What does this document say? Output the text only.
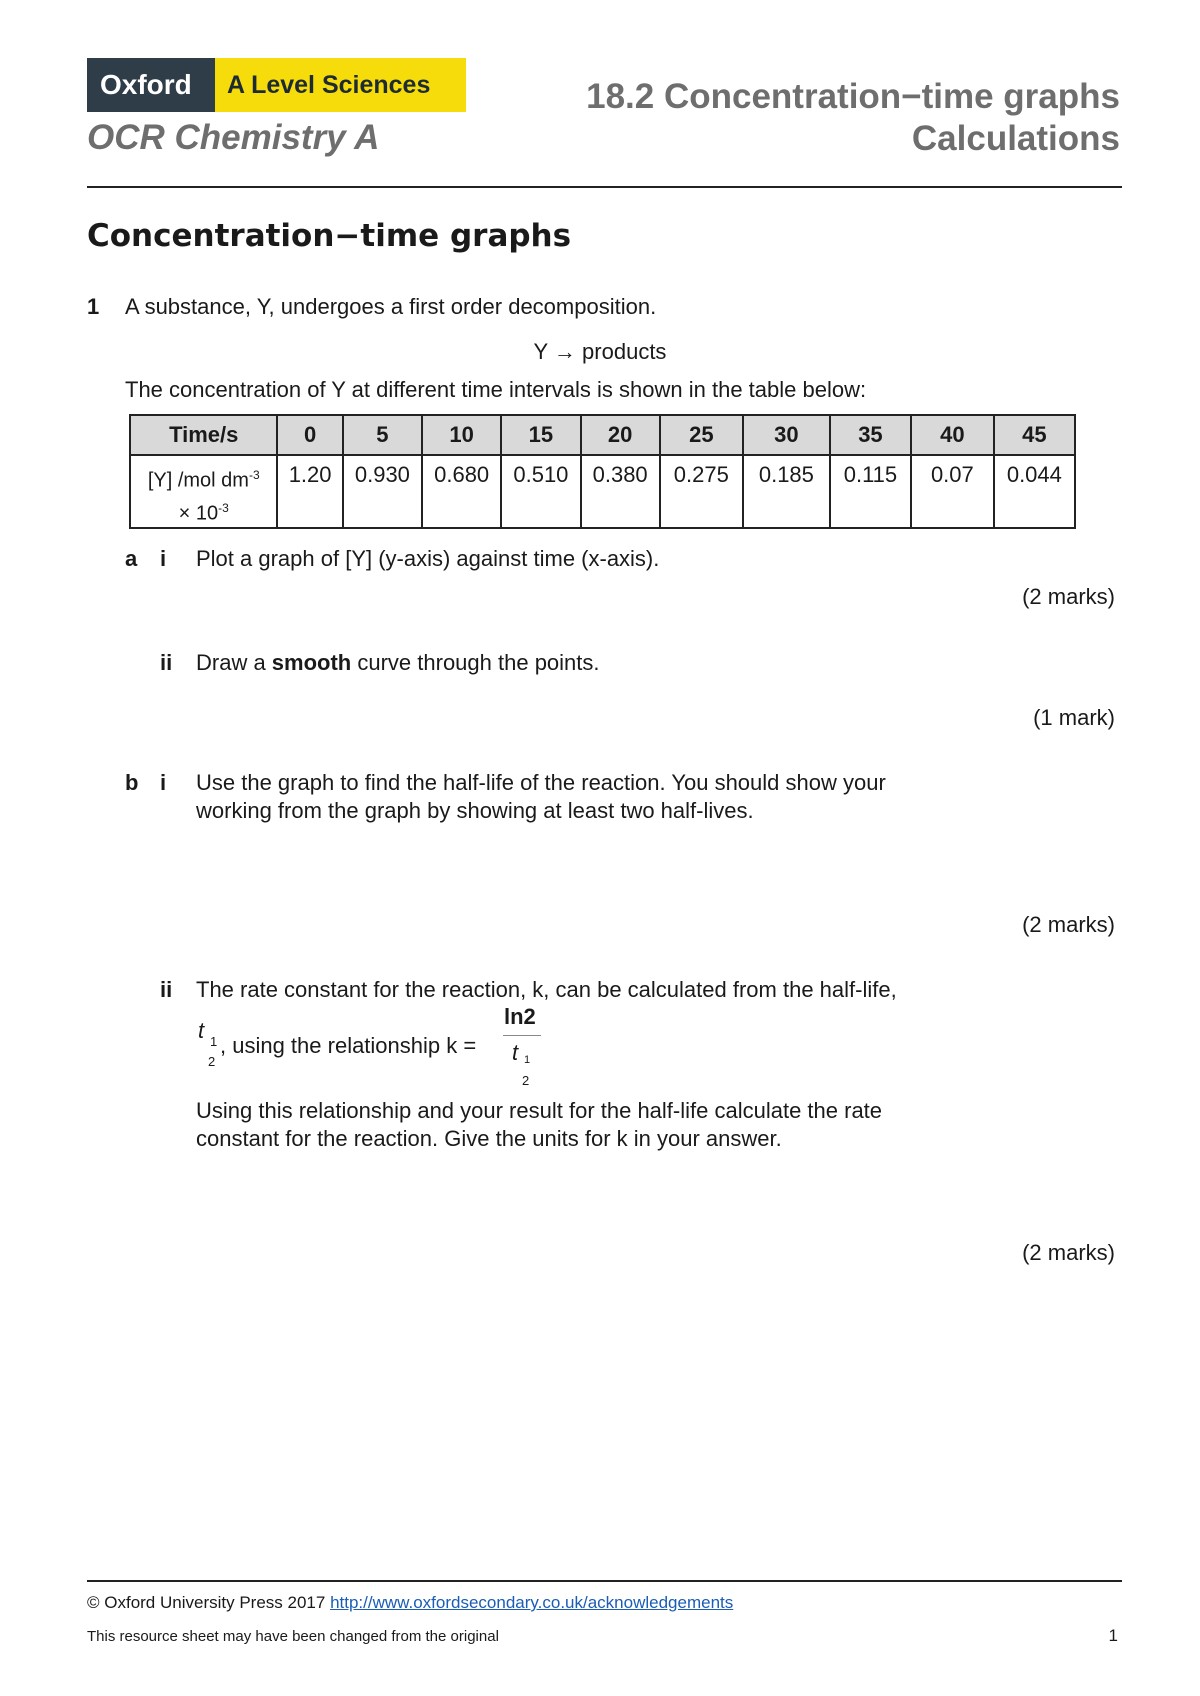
Oxford	A Level Sciences
OCR Chemistry A
18.2 Concentration−time graphs
Calculations
Concentration−time graphs
1 A substance, Y, undergoes a first order decomposition.
Y → products
The concentration of Y at different time intervals is shown in the table below:
Time/s	0	5	10	15	20	25	30	35	40	45

[Y] /mol $dm^{-3}$
× $10^{-3}$	1.20	0.930	0.680	0.510	0.380	0.275	0.185	0.115	0.07	0.044
a i Plot a graph of [Y] (y-axis) against time (x-axis).
(2 marks)
ii Draw a smooth curve through the points.
(1 mark)
b i Use the graph to find the half-life of the reaction. You should show your
working from the graph by showing at least two half-lives.
(2 marks)
ii The rate constant for the reaction, k, can be calculated from the half-life,
t 1
2
, using the relationship k =
ln2
t 1
2
Using this relationship and your result for the half-life calculate the rate
constant for the reaction. Give the units for k in your answer.
(2 marks)
© Oxford University Press 2017 http://www.oxfordsecondary.co.uk/acknowledgements
This resource sheet may have been changed from the original	1
